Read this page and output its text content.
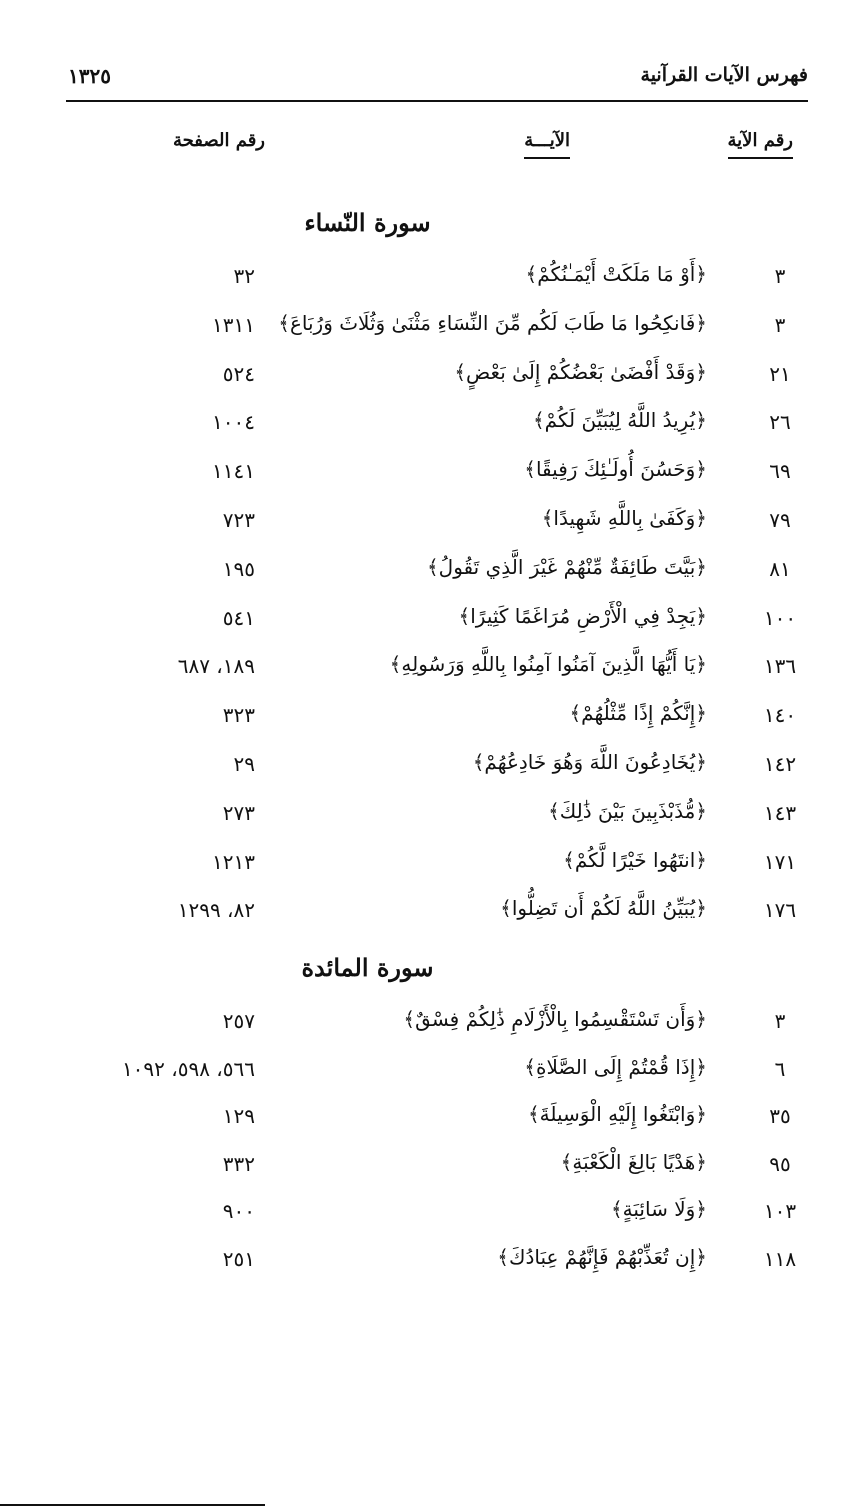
فهرس الآيات القرآنية
١٣٢٥
رقم الآية
الآيـــة
رقم الصفحة
سورة النّساء
٣
﴿أَوْ مَا مَلَكَتْ أَيْمَـٰنُكُمْ﴾
٣٢
٣
﴿فَانكِحُوا مَا طَابَ لَكُم مِّنَ النِّسَاءِ مَثْنَىٰ وَثُلَاثَ وَرُبَاعَ﴾
١٣١١
٢١
﴿وَقَدْ أَفْضَىٰ بَعْضُكُمْ إِلَىٰ بَعْضٍ﴾
٥٢٤
٢٦
﴿يُرِيدُ اللَّهُ لِيُبَيِّنَ لَكُمْ﴾
١٠٠٤
٦٩
﴿وَحَسُنَ أُولَـٰئِكَ رَفِيقًا﴾
١١٤١
٧٩
﴿وَكَفَىٰ بِاللَّهِ شَهِيدًا﴾
٧٢٣
٨١
﴿بَيَّتَ طَائِفَةٌ مِّنْهُمْ غَيْرَ الَّذِي تَقُولُ﴾
١٩٥
١٠٠
﴿يَجِدْ فِي الْأَرْضِ مُرَاغَمًا كَثِيرًا﴾
٥٤١
١٣٦
﴿يَا أَيُّهَا الَّذِينَ آمَنُوا آمِنُوا بِاللَّهِ وَرَسُولِهِ﴾
١٨٩، ٦٨٧
١٤٠
﴿إِنَّكُمْ إِذًا مِّثْلُهُمْ﴾
٣٢٣
١٤٢
﴿يُخَادِعُونَ اللَّهَ وَهُوَ خَادِعُهُمْ﴾
٢٩
١٤٣
﴿مُّذَبْذَبِينَ بَيْنَ ذَٰلِكَ﴾
٢٧٣
١٧١
﴿انتَهُوا خَيْرًا لَّكُمْ﴾
١٢١٣
١٧٦
﴿يُبَيِّنُ اللَّهُ لَكُمْ أَن تَضِلُّوا﴾
٨٢، ١٢٩٩
سورة المائدة
٣
﴿وَأَن تَسْتَقْسِمُوا بِالْأَزْلَامِ ذَٰلِكُمْ فِسْقٌ﴾
٢٥٧
٦
﴿إِذَا قُمْتُمْ إِلَى الصَّلَاةِ﴾
٥٦٦، ٥٩٨، ١٠٩٢
٣٥
﴿وَابْتَغُوا إِلَيْهِ الْوَسِيلَةَ﴾
١٢٩
٩٥
﴿هَدْيًا بَالِغَ الْكَعْبَةِ﴾
٣٣٢
١٠٣
﴿وَلَا سَائِبَةٍ﴾
٩٠٠
١١٨
﴿إِن تُعَذِّبْهُمْ فَإِنَّهُمْ عِبَادُكَ﴾
٢٥١
